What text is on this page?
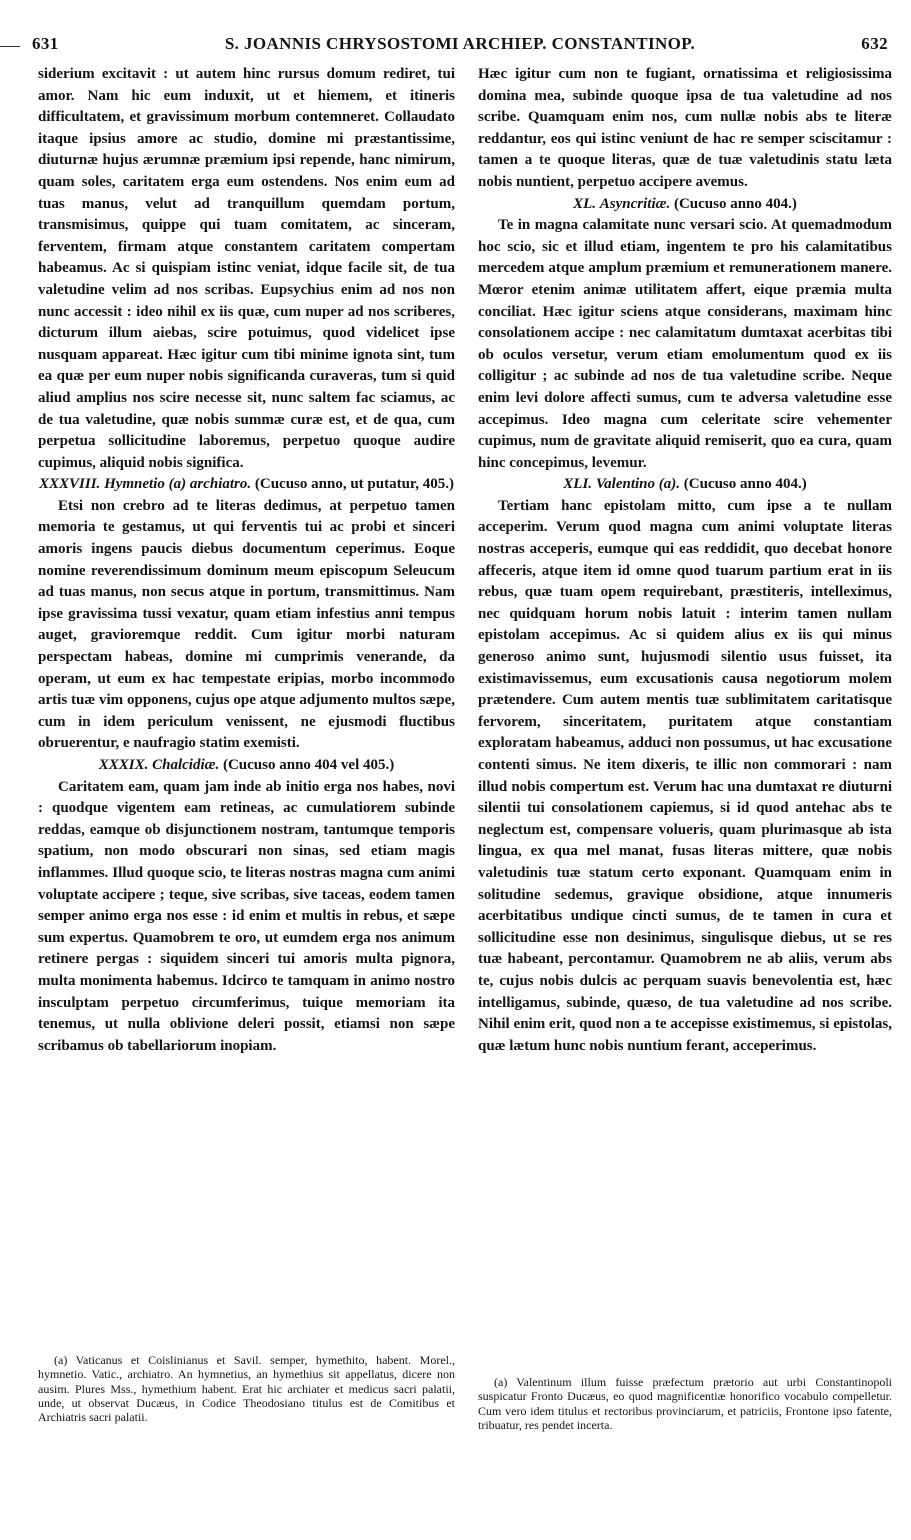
631	S. JOANNIS CHRYSOSTOMI ARCHIEP. CONSTANTINOP.	632

siderium excitavit : ut autem hinc rursus domum rediret, tui amor. Nam hic eum induxit, ut et hiemem, et itineris difficultatem, et gravissimum morbum contemneret. Collaudato itaque ipsius amore ac studio, domine mi præstantissime, diuturnæ hujus ærumnæ præmium ipsi repende, hanc nimirum, quam soles, caritatem erga eum ostendens. Nos enim eum ad tuas manus, velut ad tranquillum quemdam portum, transmisimus, quippe qui tuam comitatem, ac sinceram, ferventem, firmam atque constantem caritatem compertam habeamus. Ac si quispiam istinc veniat, idque facile sit, de tua valetudine velim ad nos scribas. Eupsychius enim ad nos non nunc accessit : ideo nihil ex iis quæ, cum nuper ad nos scriberes, dicturum illum aiebas, scire potuimus, quod videlicet ipse nusquam appareat. Hæc igitur cum tibi minime ignota sint, tum ea quæ per eum nuper nobis significanda curaveras, tum si quid aliud amplius nos scire necesse sit, nunc saltem fac sciamus, ac de tua valetudine, quæ nobis summæ curæ est, et de qua, cum perpetua sollicitudine laboremus, perpetuo quoque audire cupimus, aliquid nobis significa.

XXXVIII. Hymnetio (a) archiatro. (Cucuso anno, ut putatur, 405.)

Etsi non crebro ad te literas dedimus, at perpetuo tamen memoria te gestamus, ut qui ferventis tui ac probi et sinceri amoris ingens paucis diebus documentum ceperimus. Eoque nomine reverendissimum dominum meum episcopum Seleucum ad tuas manus, non secus atque in portum, transmittimus. Nam ipse gravissima tussi vexatur, quam etiam infestius anni tempus auget, gravioremque reddit. Cum igitur morbi naturam perspectam habeas, domine mi cumprimis venerande, da operam, ut eum ex hac tempestate eripias, morbo incommodo artis tuæ vim opponens, cujus ope atque adjumento multos sæpe, cum in idem periculum venissent, ne ejusmodi fluctibus obruerentur, e naufragio statim exemisti.

XXXIX. Chalcidiæ. (Cucuso anno 404 vel 405.)

Caritatem eam, quam jam inde ab initio erga nos habes, novi : quodque vigentem eam retineas, ac cumulatiorem subinde reddas, eamque ob disjunctionem nostram, tantumque temporis spatium, non modo obscurari non sinas, sed etiam magis inflammes. Illud quoque scio, te literas nostras magna cum animi voluptate accipere ; teque, sive scribas, sive taceas, eodem tamen semper animo erga nos esse : id enim et multis in rebus, et sæpe sum expertus. Quamobrem te oro, ut eumdem erga nos animum retinere pergas : siquidem sinceri tui amoris multa pignora, multa monimenta habemus. Idcirco te tamquam in animo nostro insculptam perpetuo circumferimus, tuique memoriam ita tenemus, ut nulla oblivione deleri possit, etiamsi non sæpe scribamus ob tabellariorum inopiam.

(a) Vaticanus et Coislinianus et Savil. semper, hymethito, habent. Morel., hymnetio. Vatic., archiatro. An hymnetius, an hymethius sit appellatus, dicere non ausim. Plures Mss., hymethium habent. Erat hic archiater et medicus sacri palatii, unde, ut observat Ducæus, in Codice Theodosiano titulus est de Comitibus et Archiatris sacri palatii.

Hæc igitur cum non te fugiant, ornatissima et religiosissima domina mea, subinde quoque ipsa de tua valetudine ad nos scribe. Quamquam enim nos, cum nullæ nobis abs te literæ reddantur, eos qui istinc veniunt de hac re semper sciscitamur : tamen a te quoque literas, quæ de tuæ valetudinis statu læta nobis nuntient, perpetuo accipere avemus.

XL. Asyncritiæ. (Cucuso anno 404.)

Te in magna calamitate nunc versari scio. At quemadmodum hoc scio, sic et illud etiam, ingentem te pro his calamitatibus mercedem atque amplum præmium et remunerationem manere. Mœror etenim animæ utilitatem affert, eique præmia multa conciliat. Hæc igitur sciens atque considerans, maximam hinc consolationem accipe : nec calamitatum dumtaxat acerbitas tibi ob oculos versetur, verum etiam emolumentum quod ex iis colligitur ; ac subinde ad nos de tua valetudine scribe. Neque enim levi dolore affecti sumus, cum te adversa valetudine esse accepimus. Ideo magna cum celeritate scire vehementer cupimus, num de gravitate aliquid remiserit, quo ea cura, quam hinc concepimus, levemur.

XLI. Valentino (a). (Cucuso anno 404.)

Tertiam hanc epistolam mitto, cum ipse a te nullam acceperim. Verum quod magna cum animi voluptate literas nostras acceperis, eumque qui eas reddidit, quo decebat honore affeceris, atque item id omne quod tuarum partium erat in iis rebus, quæ tuam opem requirebant, præstiteris, intelleximus, nec quidquam horum nobis latuit : interim tamen nullam epistolam accepimus. Ac si quidem alius ex iis qui minus generoso animo sunt, hujusmodi silentio usus fuisset, ita existimavissemus, eum excusationis causa negotiorum molem prætendere. Cum autem mentis tuæ sublimitatem caritatisque fervorem, sinceritatem, puritatem atque constantiam exploratam habeamus, adduci non possumus, ut hac excusatione contenti simus. Ne item dixeris, te illic non commorari : nam illud nobis compertum est. Verum hac una dumtaxat re diuturni silentii tui consolationem capiemus, si id quod antehac abs te neglectum est, compensare volueris, quam plurimasque ab ista lingua, ex qua mel manat, fusas literas mittere, quæ nobis valetudinis tuæ statum certo exponant. Quamquam enim in solitudine sedemus, gravique obsidione, atque innumeris acerbitatibus undique cincti sumus, de te tamen in cura et sollicitudine esse non desinimus, singulisque diebus, ut se res tuæ habeant, percontamur. Quamobrem ne ab aliis, verum abs te, cujus nobis dulcis ac perquam suavis benevolentia est, hæc intelligamus, subinde, quæso, de tua valetudine ad nos scribe. Nihil enim erit, quod non a te accepisse existimemus, si epistolas, quæ lætum hunc nobis nuntium ferant, acceperimus.

(a) Valentinum illum fuisse præfectum prætorio aut urbi Constantinopoli suspicatur Fronto Ducæus, eo quod magnificentiæ honorifico vocabulo compelletur. Cum vero idem titulus et rectoribus provinciarum, et patriciis, Frontone ipso fatente, tribuatur, res pendet incerta.
